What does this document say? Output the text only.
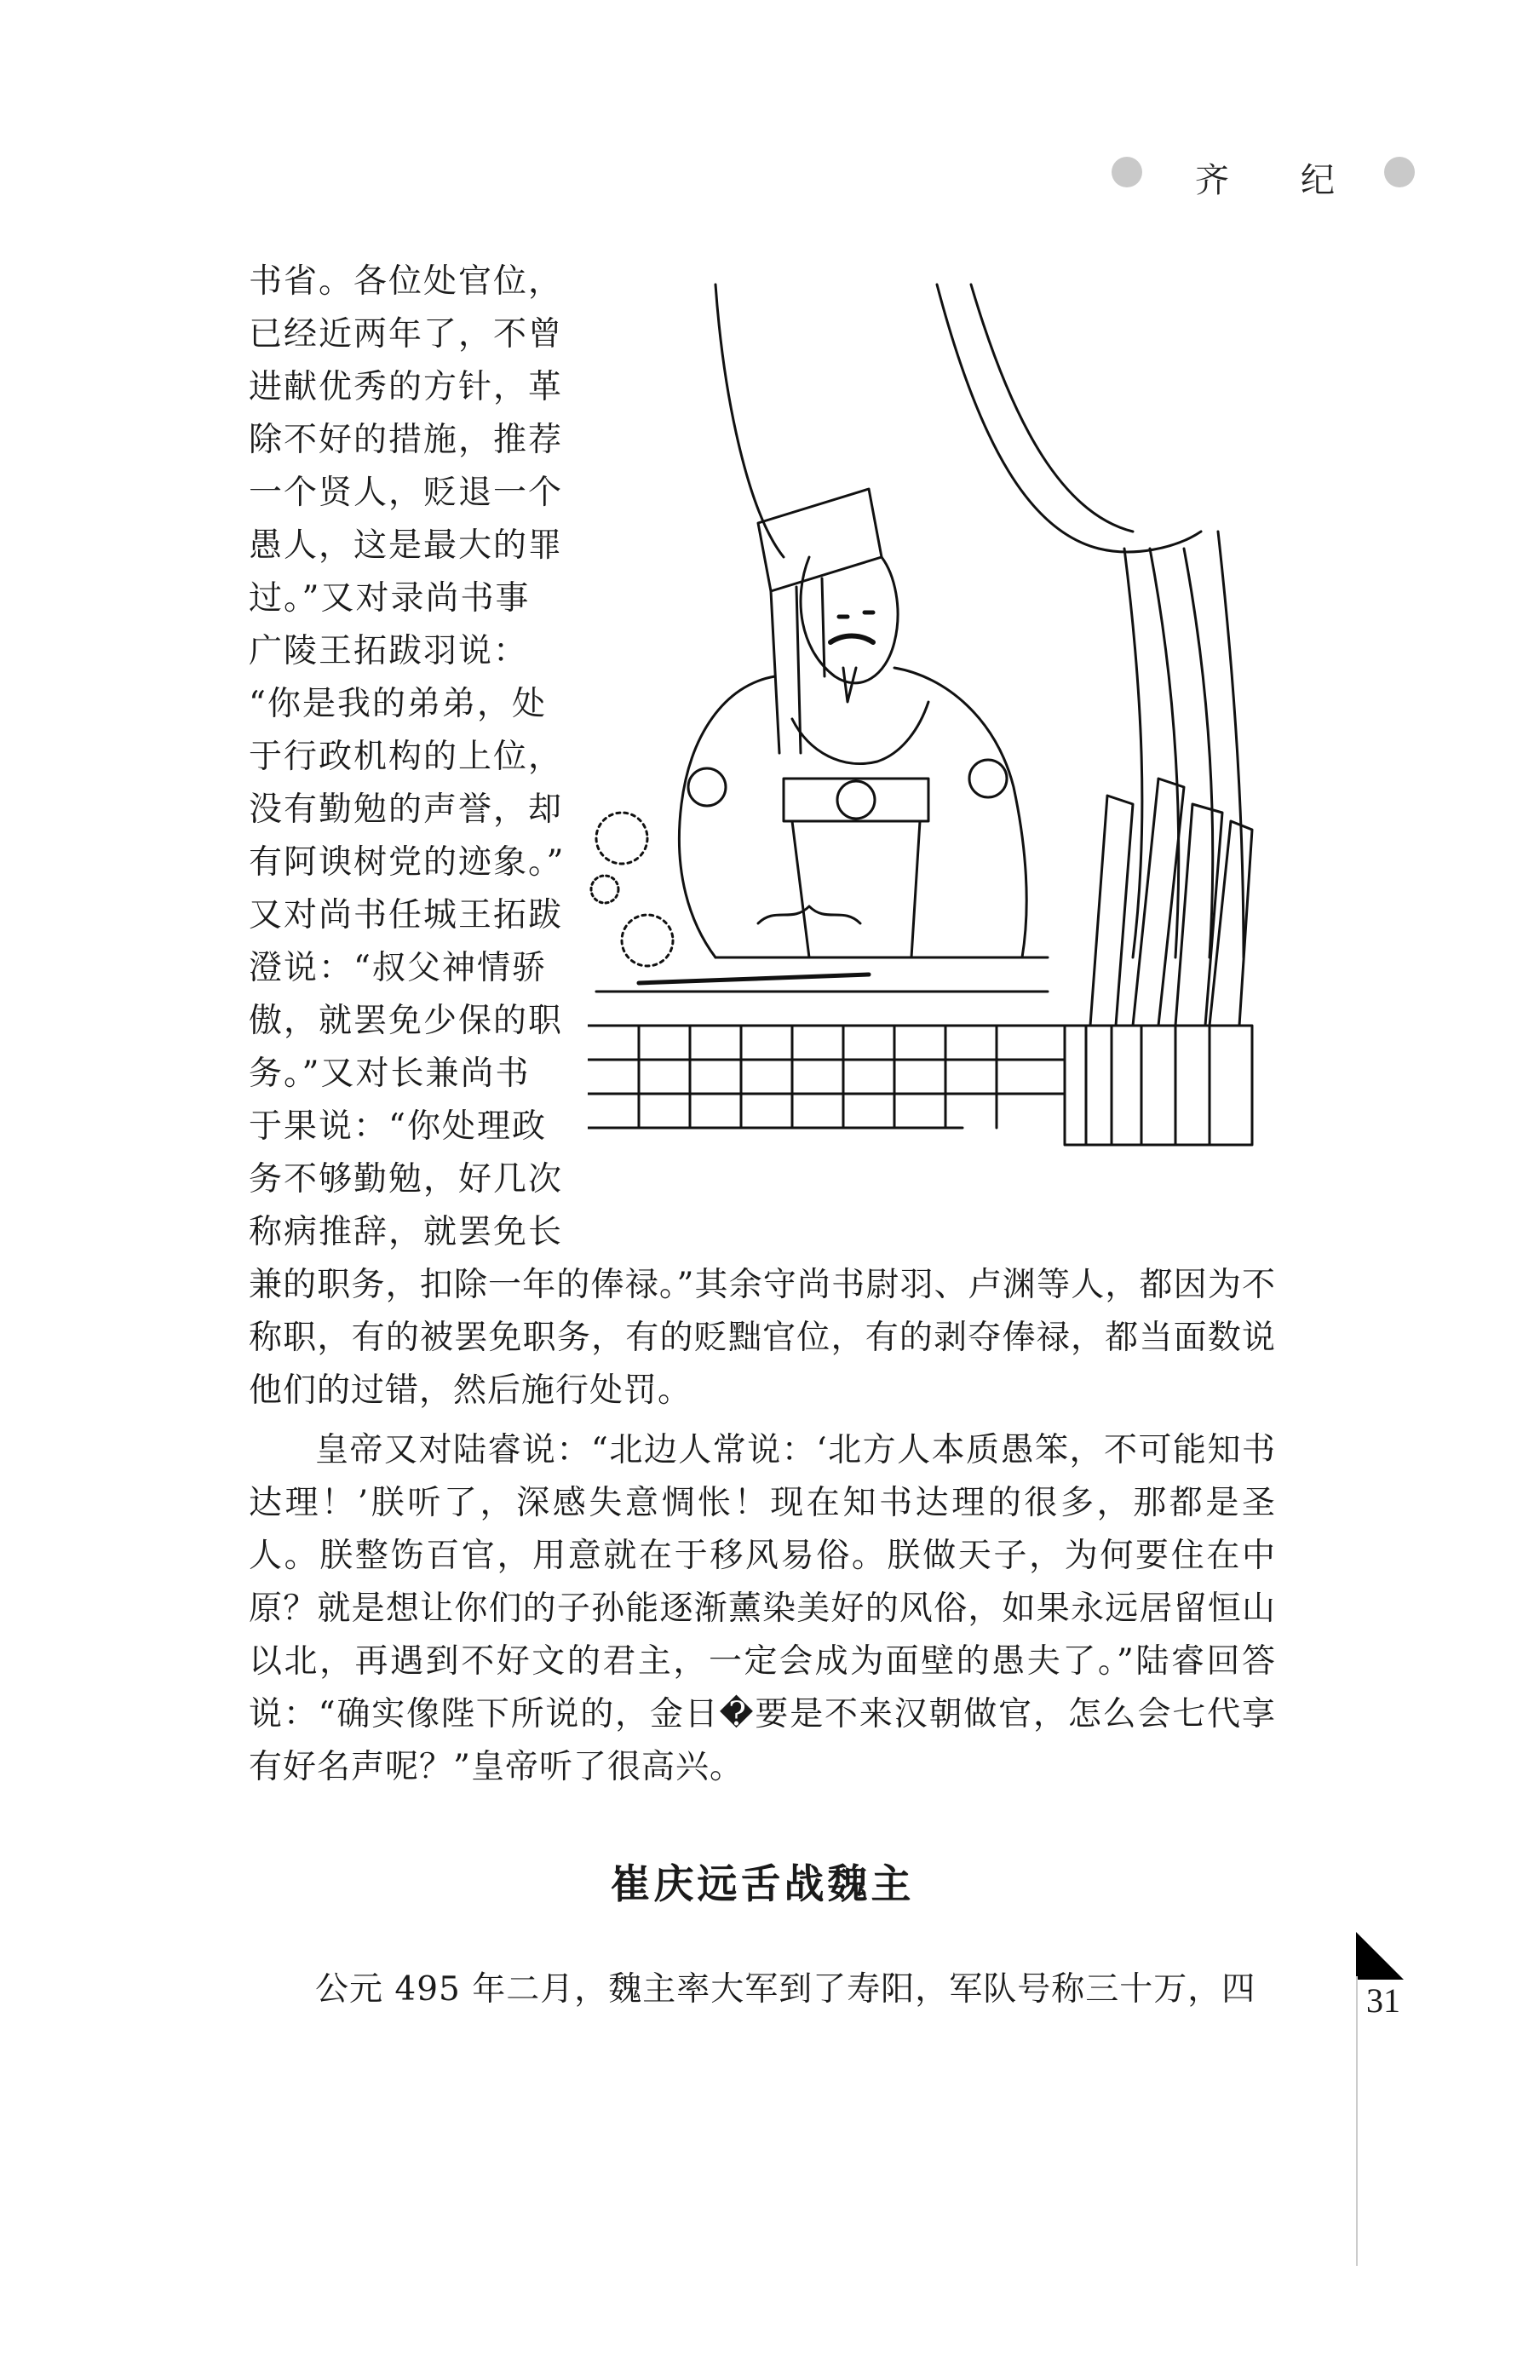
齐 纪
书省。各位处官位，
已经近两年了，不曾
进献优秀的方针，革
除不好的措施，推荐
一个贤人，贬退一个
愚人，这是最大的罪
过。”又对录尚书事
广陵王拓跋羽说：
“你是我的弟弟，处
于行政机构的上位，
没有勤勉的声誉，却
有阿谀树党的迹象。”
又对尚书任城王拓跋
澄说：“叔父神情骄
傲，就罢免少保的职
务。”又对长兼尚书
于果说：“你处理政
务不够勤勉，好几次
称病推辞，就罢免长

兼的职务，扣除一年的俸禄。”其余守尚书尉羽、卢渊等人，都因为不称职，有的被罢免职务，有的贬黜官位，有的剥夺俸禄，都当面数说他们的过错，然后施行处罚。

皇帝又对陆睿说：“北边人常说：‘北方人本质愚笨，不可能知书达理！’朕听了，深感失意惆怅！现在知书达理的很多，那都是圣人。朕整饬百官，用意就在于移风易俗。朕做天子，为何要住在中原？就是想让你们的子孙能逐渐薰染美好的风俗，如果永远居留恒山以北，再遇到不好文的君主，一定会成为面壁的愚夫了。”陆睿回答说：“确实像陛下所说的，金日�要是不来汉朝做官，怎么会七代享有好名声呢？”皇帝听了很高兴。

崔庆远舌战魏主

公元 495 年二月，魏主率大军到了寿阳，军队号称三十万，四	31
